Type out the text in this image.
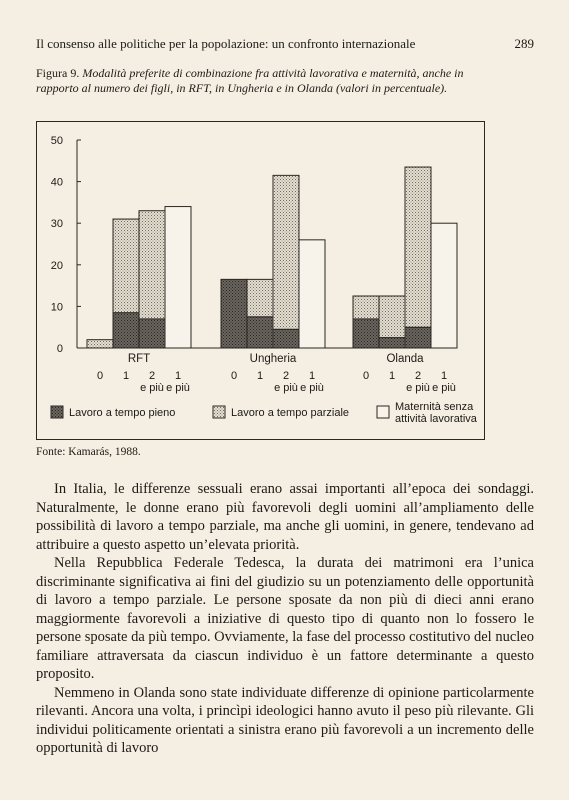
Il consenso alle politiche per la popolazione: un confronto internazionale	289
Figura 9. Modalità preferite di combinazione fra attività lavorativa e maternità, anche in rapporto al numero dei figli, in RFT, in Ungheria e in Olanda (valori in percentuale).
0
10
20
30
40
50
0 1 2
e più
1
e più
RFT
0 1 2
e più
1
e più
Ungheria
0 1 2
e più
1
e più
Olanda
Lavoro a tempo pieno	Lavoro a tempo parziale	Maternità senza
attività lavorativa
Fonte: Kamarás, 1988.

In Italia, le differenze sessuali erano assai importanti all’epoca dei sondaggi. Naturalmente, le donne erano più favorevoli degli uomini all’ampliamento delle possibilità di lavoro a tempo parziale, ma anche gli uomini, in genere, tendevano ad attribuire a questo aspetto un’elevata priorità.

Nella Repubblica Federale Tedesca, la durata dei matrimoni era l’unica discriminante significativa ai fini del giudizio su un potenziamento delle opportunità di lavoro a tempo parziale. Le persone sposate da non più di dieci anni erano maggiormente favorevoli a iniziative di questo tipo di quanto non lo fossero le persone sposate da più tempo. Ovviamente, la fase del processo costitutivo del nucleo familiare attraversata da ciascun individuo è un fattore determinante a questo proposito.

Nemmeno in Olanda sono state individuate differenze di opinione particolarmente rilevanti. Ancora una volta, i princìpi ideologici hanno avuto il peso più rilevante. Gli individui politicamente orientati a sinistra erano più favorevoli a un incremento delle opportunità di lavoro
